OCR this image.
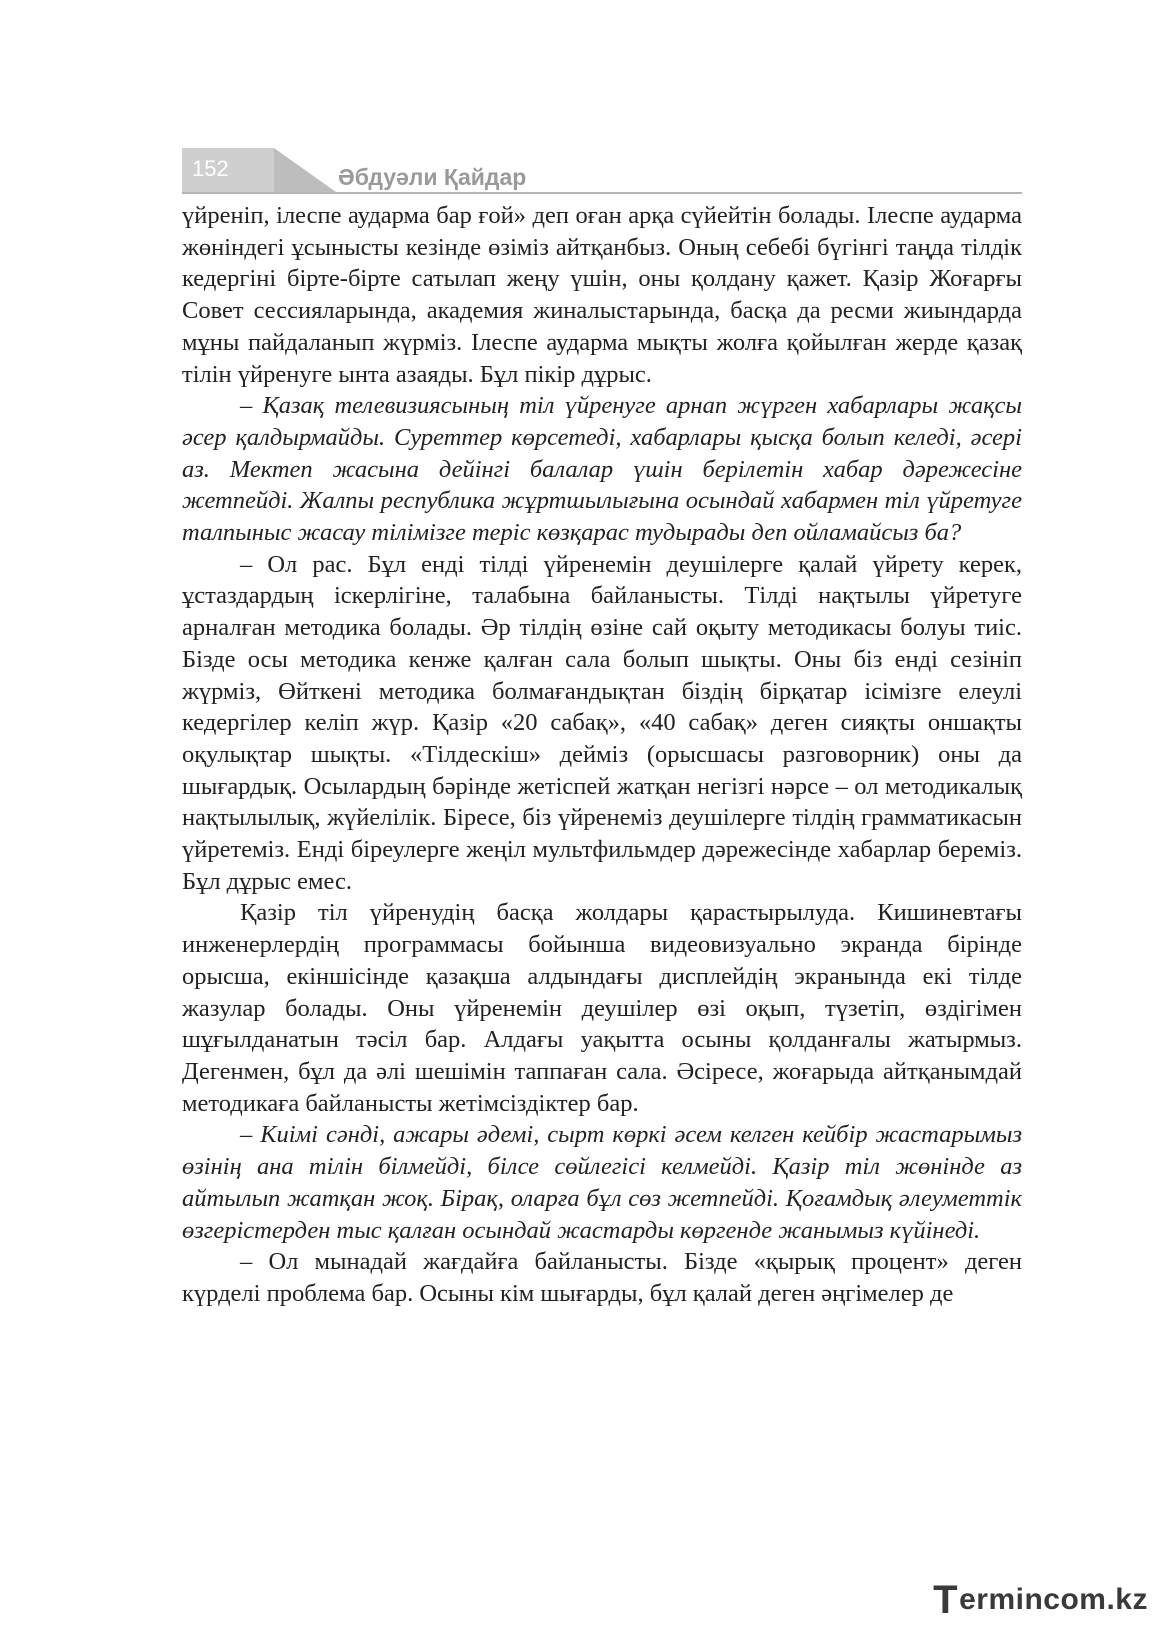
152	Әбдуәли Қайдар

үйреніп, ілеспе аударма бар ғой» деп оған арқа сүйейтін болады. Ілеспе аударма жөніндегі ұсынысты кезінде өзіміз айтқанбыз. Оның себебі бүгінгі таңда тілдік кедергіні бірте-бірте сатылап жеңу үшін, оны қолдану қажет. Қазір Жоғарғы Совет сессияларында, академия жиналыстарында, басқа да ресми жиындарда мұны пайдаланып жүрміз. Ілеспе аударма мықты жолға қойылған жерде қазақ тілін үйренуге ынта азаяды. Бұл пікір дұрыс.

– Қазақ телевизиясының тіл үйренуге арнап жүрген хабарлары жақсы әсер қалдырмайды. Суреттер көрсетеді, хабарлары қысқа болып келеді, әсері аз. Мектеп жасына дейінгі балалар үшін берілетін хабар дәрежесіне жетпейді. Жалпы республика жұртшылығына осындай хабармен тіл үйретуге талпыныс жасау тілімізге теріс көзқарас тудырады деп ойламайсыз ба?

– Ол рас. Бұл енді тілді үйренемін деушілерге қалай үйрету керек, ұстаздардың іскерлігіне, талабына байланысты. Тілді нақтылы үйретуге арналған методика болады. Әр тілдің өзіне сай оқыту методикасы болуы тиіс. Бізде осы методика кенже қалған сала болып шықты. Оны біз енді сезініп жүрміз, Өйткені методика болмағандықтан біздің бірқатар ісімізге елеулі кедергілер келіп жүр. Қазір «20 сабақ», «40 сабақ» деген сияқты оншақты оқулықтар шықты. «Тілдескіш» дейміз (орысшасы разговорник) оны да шығардық. Осылардың бәрінде жетіспей жатқан негізгі нәрсе – ол методикалық нақтылылық, жүйелілік. Біресе, біз үйренеміз деушілерге тілдің грамматикасын үйретеміз. Енді біреулерге жеңіл мультфильмдер дәрежесінде хабарлар береміз. Бұл дұрыс емес.

Қазір тіл үйренудің басқа жолдары қарастырылуда. Кишиневтағы инженерлердің программасы бойынша видеовизуально экранда бірінде орысша, екіншісінде қазақша алдындағы дисплейдің экранында екі тілде жазулар болады. Оны үйренемін деушілер өзі оқып, түзетіп, өздігімен шұғылданатын тәсіл бар. Алдағы уақытта осыны қолданғалы жатырмыз. Дегенмен, бұл да әлі шешімін таппаған сала. Әсіресе, жоғарыда айтқанымдай методикаға байланысты жетімсіздіктер бар.

– Киімі сәнді, ажары әдемі, сырт көркі әсем келген кейбір жастарымыз өзінің ана тілін білмейді, білсе сөйлегісі келмейді. Қазір тіл жөнінде аз айтылып жатқан жоқ. Бірақ, оларға бұл сөз жетпейді. Қоғамдық әлеуметтік өзгерістерден тыс қалған осындай жастарды көргенде жанымыз күйінеді.

– Ол мынадай жағдайға байланысты. Бізде «қырық процент» деген күрделі проблема бар. Осыны кім шығарды, бұл қалай деген әңгімелер де

Termincom.kz
